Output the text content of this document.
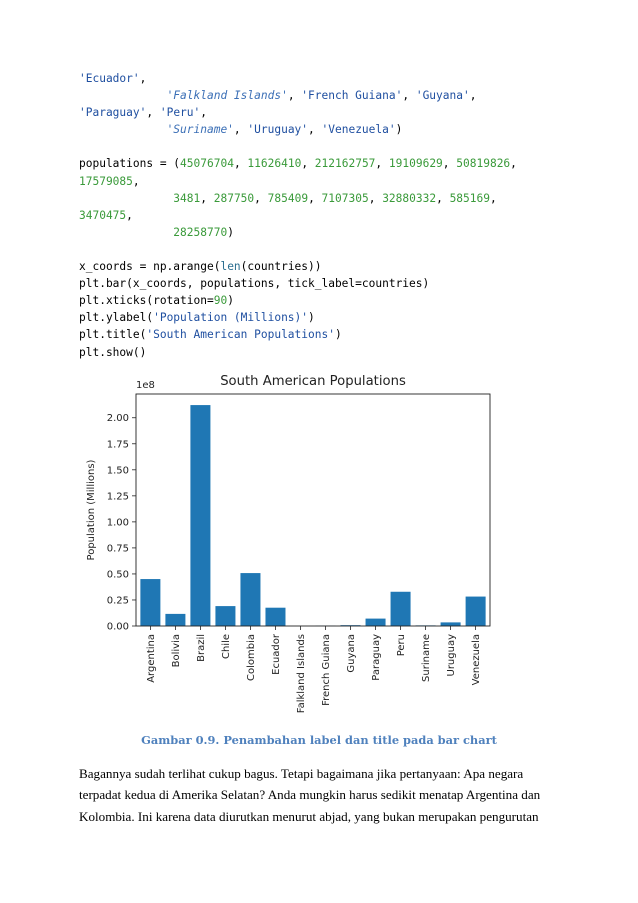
'Ecuador',
'Falkland Islands', 'French Guiana', 'Guyana',
'Paraguay', 'Peru',
'Suriname', 'Uruguay', 'Venezuela')
populations = (45076704, 11626410, 212162757, 19109629, 50819826,
17579085,
3481, 287750, 785409, 7107305, 32880332, 585169,
3470475,
28258770)
x_coords = np.arange(len(countries))
plt.bar(x_coords, populations, tick_label=countries)
plt.xticks(rotation=90)
plt.ylabel('Population (Millions)')
plt.title('South American Populations')
plt.show()
South American Populations
1e8
Argentina Bolivia Brazil Chile Colombia Ecuador Falkland Islands French Guiana Guyana Paraguay Peru Suriname Uruguay Venezuela
0.00
0.25
0.50
0.75
1.00
1.25
1.50
1.75
2.00
Population (Millions)
Gambar 0.9. Penambahan label dan title pada bar chart
Bagannya sudah terlihat cukup bagus. Tetapi bagaimana jika pertanyaan: Apa negara
terpadat kedua di Amerika Selatan? Anda mungkin harus sedikit menatap Argentina dan
Kolombia. Ini karena data diurutkan menurut abjad, yang bukan merupakan pengurutan
